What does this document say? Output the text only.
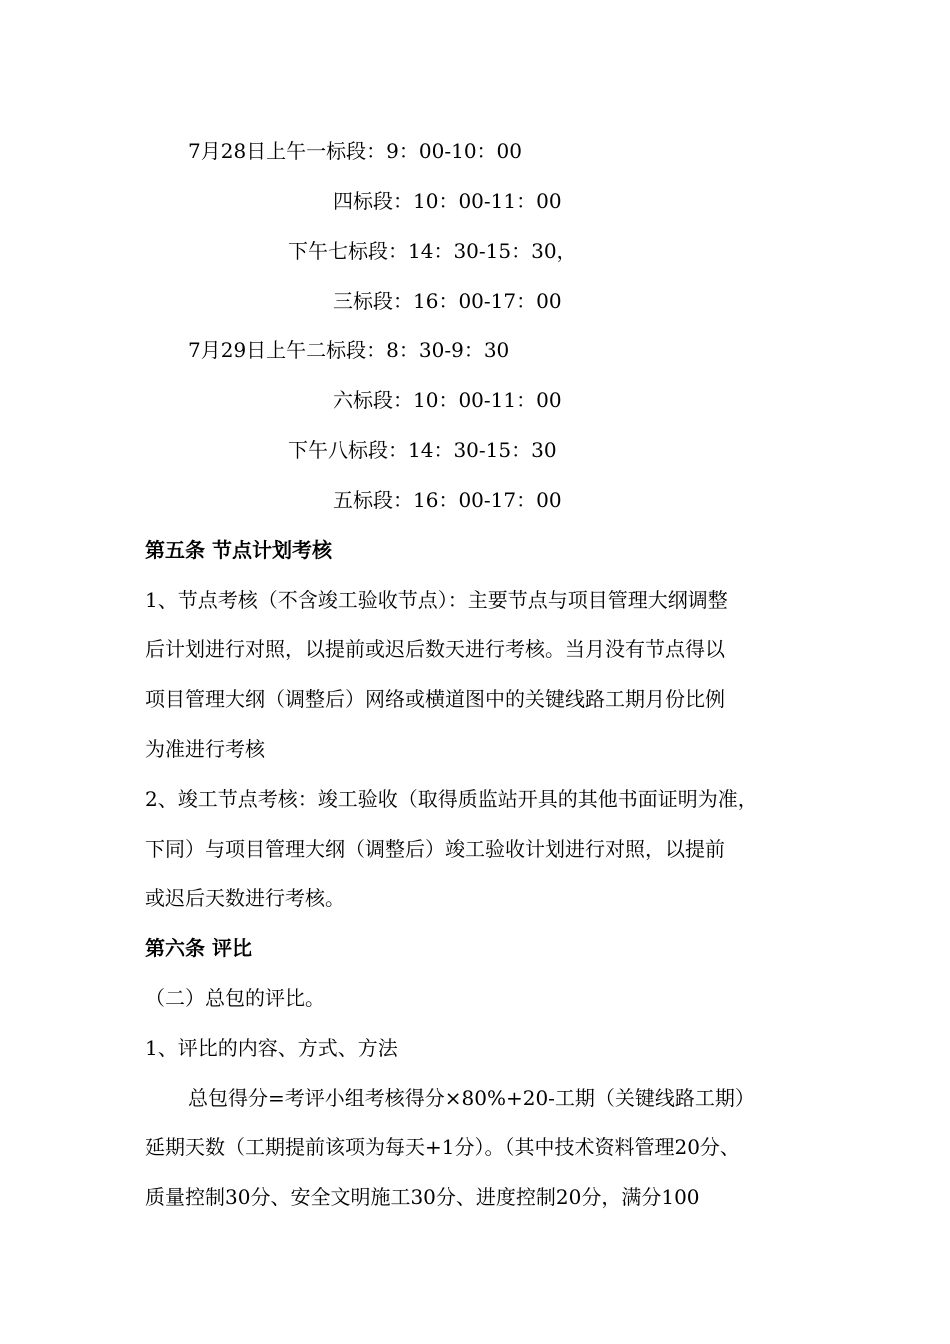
7月28日上午一标段：9：00-10：00
四标段：10：00-11：00
下午七标段：14：30-15：30，
三标段：16：00-17：00
7月29日上午二标段：8：30-9：30
六标段：10：00-11：00
下午八标段：14：30-15：30
五标段：16：00-17：00
第五条 节点计划考核
1、节点考核（不含竣工验收节点）：主要节点与项目管理大纲调整
后计划进行对照，以提前或迟后数天进行考核。当月没有节点得以
项目管理大纲（调整后）网络或横道图中的关键线路工期月份比例
为准进行考核
2、竣工节点考核：竣工验收（取得质监站开具的其他书面证明为准，
下同）与项目管理大纲（调整后）竣工验收计划进行对照，以提前
或迟后天数进行考核。
第六条 评比
（二）总包的评比。
1、评比的内容、方式、方法
总包得分=考评小组考核得分×80%+20-工期（关键线路工期）
延期天数（工期提前该项为每天+1分）。（其中技术资料管理20分、
质量控制30分、安全文明施工30分、进度控制20分，满分100
